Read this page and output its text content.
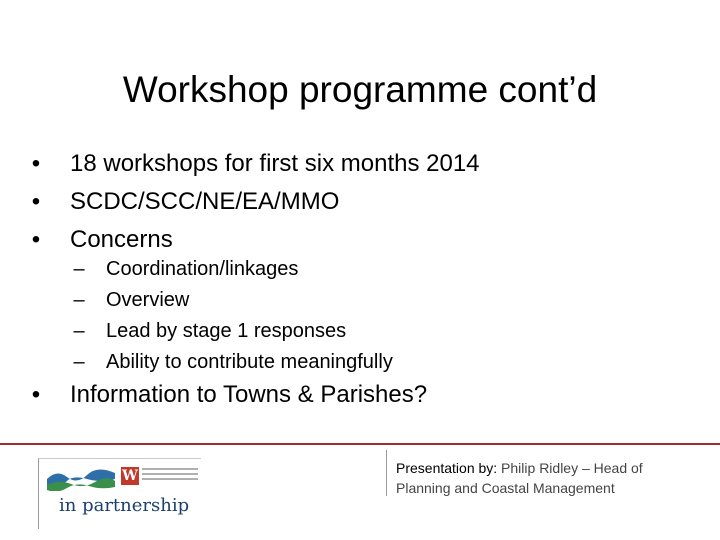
Workshop programme cont’d
• 18 workshops for first six months 2014
• SCDC/SCC/NE/EA/MMO
• Concerns
– Coordination/linkages
– Overview
– Lead by stage 1 responses
– Ability to contribute meaningfully
• Information to Towns & Parishes?
W
in partnership
Presentation by: Philip Ridley – Head of Planning and Coastal Management
